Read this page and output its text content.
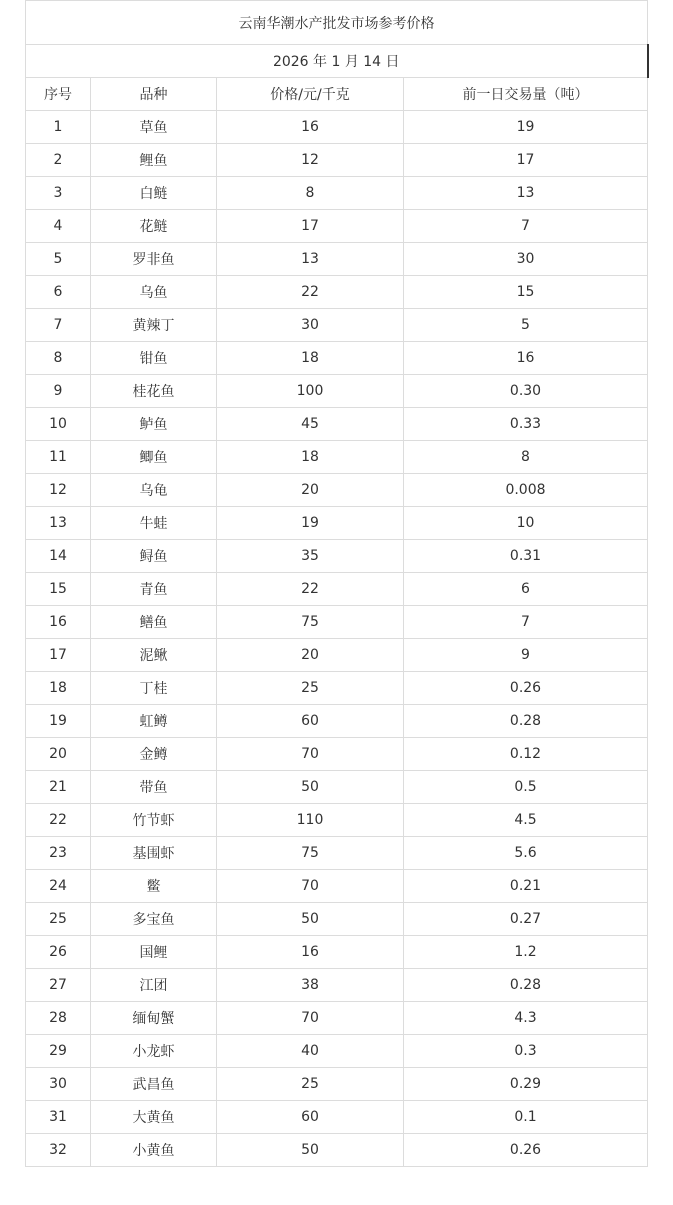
云南华潮水产批发市场参考价格			
2026 年 1 月 14 日			
序号	品种	价格/元/千克	前一日交易量（吨）
1	草鱼	16	19
2	鲤鱼	12	17
3	白鲢	8	13
4	花鲢	17	7
5	罗非鱼	13	30
6	乌鱼	22	15
7	黄辣丁	30	5
8	钳鱼	18	16
9	桂花鱼	100	0.30
10	鲈鱼	45	0.33
11	鲫鱼	18	8
12	乌龟	20	0.008
13	牛蛙	19	10
14	鲟鱼	35	0.31
15	青鱼	22	6
16	鳝鱼	75	7
17	泥鳅	20	9
18	丁桂	25	0.26
19	虹鳟	60	0.28
20	金鳟	70	0.12
21	带鱼	50	0.5
22	竹节虾	110	4.5
23	基围虾	75	5.6
24	鳖	70	0.21
25	多宝鱼	50	0.27
26	国鲤	16	1.2
27	江团	38	0.28
28	缅甸蟹	70	4.3
29	小龙虾	40	0.3
30	武昌鱼	25	0.29
31	大黄鱼	60	0.1
32	小黄鱼	50	0.26
